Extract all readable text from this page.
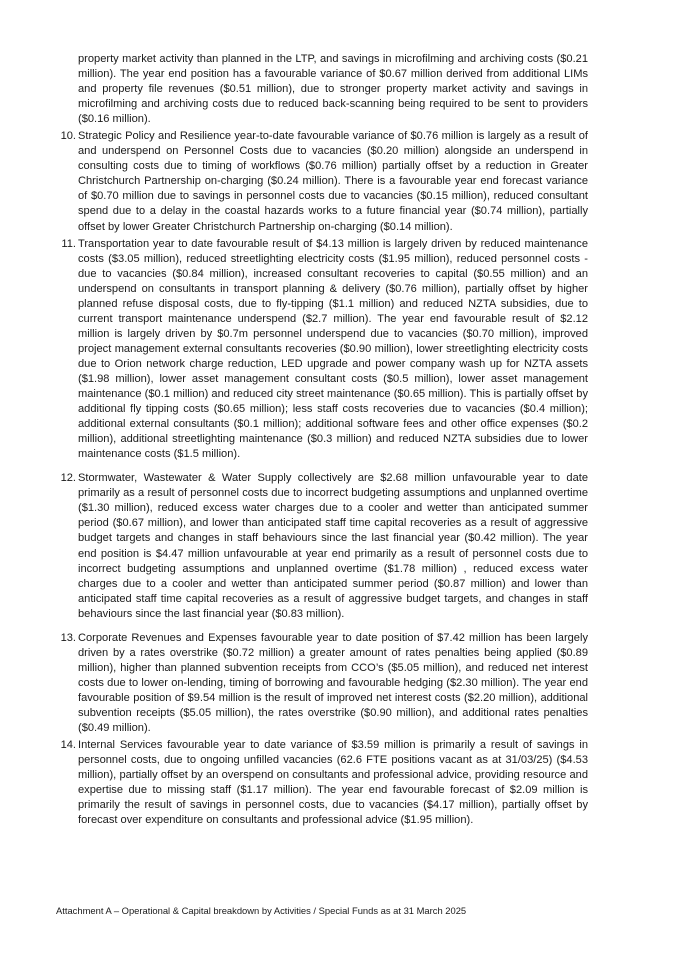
property market activity than planned in the LTP, and savings in microfilming and archiving costs ($0.21 million). The year end position has a favourable variance of $0.67 million derived from additional LIMs and property file revenues ($0.51 million), due to stronger property market activity and savings in microfilming and archiving costs due to reduced back-scanning being required to be sent to providers ($0.16 million).

10. Strategic Policy and Resilience year-to-date favourable variance of $0.76 million is largely as a result of and underspend on Personnel Costs due to vacancies ($0.20 million) alongside an underspend in consulting costs due to timing of workflows ($0.76 million) partially offset by a reduction in Greater Christchurch Partnership on-charging ($0.24 million). There is a favourable year end forecast variance of $0.70 million due to savings in personnel costs due to vacancies ($0.15 million), reduced consultant spend due to a delay in the coastal hazards works to a future financial year ($0.74 million), partially offset by lower Greater Christchurch Partnership on-charging ($0.14 million).

11. Transportation year to date favourable result of $4.13 million is largely driven by reduced maintenance costs ($3.05 million), reduced streetlighting electricity costs ($1.95 million), reduced personnel costs - due to vacancies ($0.84 million), increased consultant recoveries to capital ($0.55 million) and an underspend on consultants in transport planning & delivery ($0.76 million), partially offset by higher planned refuse disposal costs, due to fly-tipping ($1.1 million) and reduced NZTA subsidies, due to current transport maintenance underspend ($2.7 million). The year end favourable result of $2.12 million is largely driven by $0.7m personnel underspend due to vacancies ($0.70 million), improved project management external consultants recoveries ($0.90 million), lower streetlighting electricity costs due to Orion network charge reduction, LED upgrade and power company wash up for NZTA assets ($1.98 million), lower asset management consultant costs ($0.5 million), lower asset management maintenance ($0.1 million) and reduced city street maintenance ($0.65 million). This is partially offset by additional fly tipping costs ($0.65 million); less staff costs recoveries due to vacancies ($0.4 million); additional external consultants ($0.1 million); additional software fees and other office expenses ($0.2 million), additional streetlighting maintenance ($0.3 million) and reduced NZTA subsidies due to lower maintenance costs ($1.5 million).

12. Stormwater, Wastewater & Water Supply collectively are $2.68 million unfavourable year to date primarily as a result of personnel costs due to incorrect budgeting assumptions and unplanned overtime ($1.30 million), reduced excess water charges due to a cooler and wetter than anticipated summer period ($0.67 million), and lower than anticipated staff time capital recoveries as a result of aggressive budget targets and changes in staff behaviours since the last financial year ($0.42 million). The year end position is $4.47 million unfavourable at year end primarily as a result of personnel costs due to incorrect budgeting assumptions and unplanned overtime ($1.78 million) , reduced excess water charges due to a cooler and wetter than anticipated summer period ($0.87 million) and lower than anticipated staff time capital recoveries as a result of aggressive budget targets, and changes in staff behaviours since the last financial year ($0.83 million).

13. Corporate Revenues and Expenses favourable year to date position of $7.42 million has been largely driven by a rates overstrike ($0.72 million) a greater amount of rates penalties being applied ($0.89 million), higher than planned subvention receipts from CCO’s ($5.05 million), and reduced net interest costs due to lower on-lending, timing of borrowing and favourable hedging ($2.30 million). The year end favourable position of $9.54 million is the result of improved net interest costs ($2.20 million), additional subvention receipts ($5.05 million), the rates overstrike ($0.90 million), and additional rates penalties ($0.49 million).

14. Internal Services favourable year to date variance of $3.59 million is primarily a result of savings in personnel costs, due to ongoing unfilled vacancies (62.6 FTE positions vacant as at 31/03/25) ($4.53 million), partially offset by an overspend on consultants and professional advice, providing resource and expertise due to missing staff ($1.17 million). The year end favourable forecast of $2.09 million is primarily the result of savings in personnel costs, due to vacancies ($4.17 million), partially offset by forecast over expenditure on consultants and professional advice ($1.95 million).

Attachment A – Operational & Capital breakdown by Activities / Special Funds as at 31 March 2025
